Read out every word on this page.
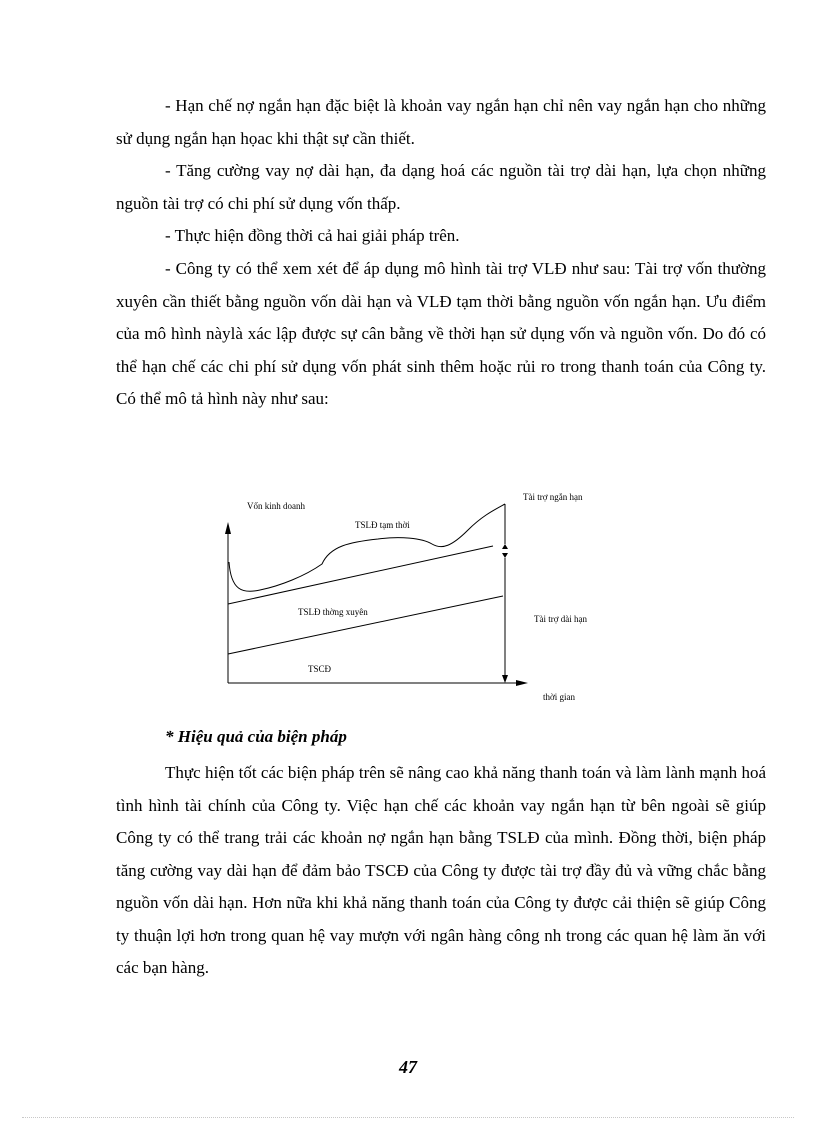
- Hạn chế nợ ngắn hạn đặc biệt là khoản vay ngắn hạn chỉ nên vay ngắn hạn cho những sử dụng ngắn hạn họac khi thật sự cần thiết.

- Tăng cường vay nợ dài hạn, đa dạng hoá các nguồn tài trợ dài hạn, lựa chọn những nguồn tài trợ có chi phí sử dụng vốn thấp.

- Thực hiện đồng thời cả hai giải pháp trên.

- Công ty có thể xem xét để áp dụng mô hình tài trợ VLĐ như sau: Tài trợ vốn thường xuyên cần thiết bằng nguồn vốn dài hạn và VLĐ tạm thời bằng nguồn vốn ngắn hạn. Ưu điểm của mô hình nàylà xác lập được sự cân bằng về thời hạn sử dụng vốn và nguồn vốn. Do đó có thể hạn chế các chi phí sử dụng vốn phát sinh thêm hoặc rủi ro trong thanh toán của Công ty. Có thể mô tả hình này như sau:

Vốn kinh doanh
TSLĐ tạm thời
TSLĐ thờng xuyên
TSCĐ
Tài trợ ngắn hạn
Tài trợ dài hạn
thời gian

* Hiệu quả của biện pháp

Thực hiện tốt các biện pháp trên sẽ nâng cao khả năng thanh toán và làm lành mạnh hoá tình hình tài chính của Công ty. Việc hạn chế các khoản vay ngắn hạn từ bên ngoài sẽ giúp Công ty có thể trang trải các khoản nợ ngắn hạn bằng TSLĐ của mình. Đồng thời, biện pháp tăng cường vay dài hạn để đảm bảo TSCĐ của Công ty được tài trợ đầy đủ và vững chắc bằng nguồn vốn dài hạn. Hơn nữa khi khả năng thanh toán của Công ty được cải thiện sẽ giúp Công ty thuận lợi hơn trong quan hệ vay mượn với ngân hàng công nh trong các quan hệ làm ăn với các bạn hàng.

47
